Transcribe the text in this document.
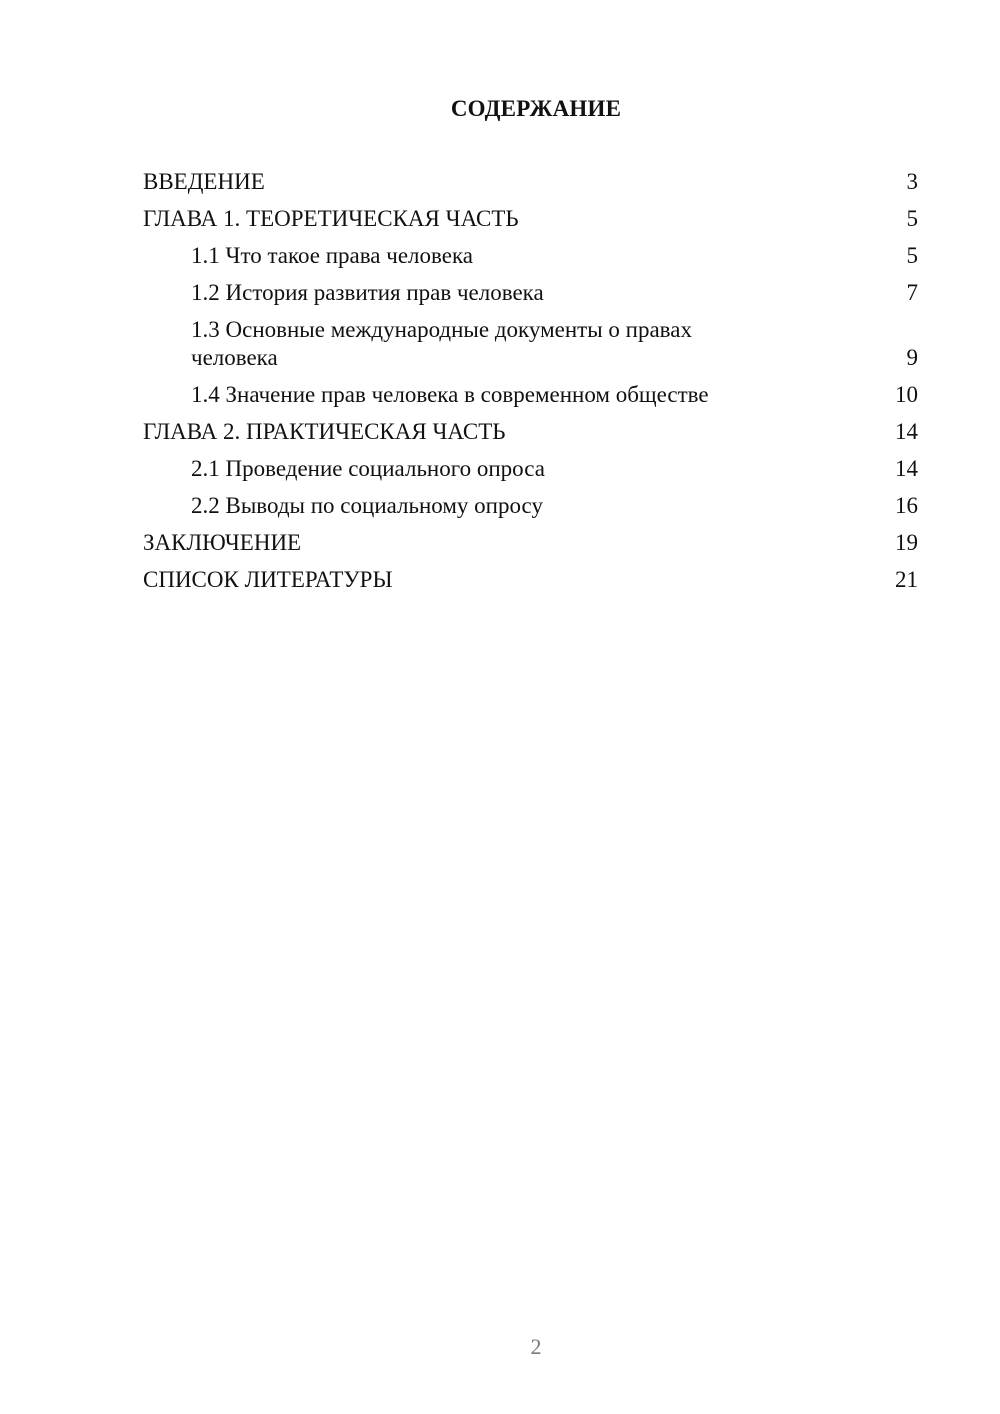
СОДЕРЖАНИЕ
ВВЕДЕНИЕ	3
ГЛАВА 1. ТЕОРЕТИЧЕСКАЯ ЧАСТЬ	5
1.1 Что такое права человека	5
1.2 История развития прав человека	7
1.3 Основные международные документы о правах человека	9
1.4 Значение прав человека в современном обществе	10
ГЛАВА 2. ПРАКТИЧЕСКАЯ ЧАСТЬ	14
2.1 Проведение социального опроса	14
2.2 Выводы по социальному опросу	16
ЗАКЛЮЧЕНИЕ	19
СПИСОК ЛИТЕРАТУРЫ	21
2
